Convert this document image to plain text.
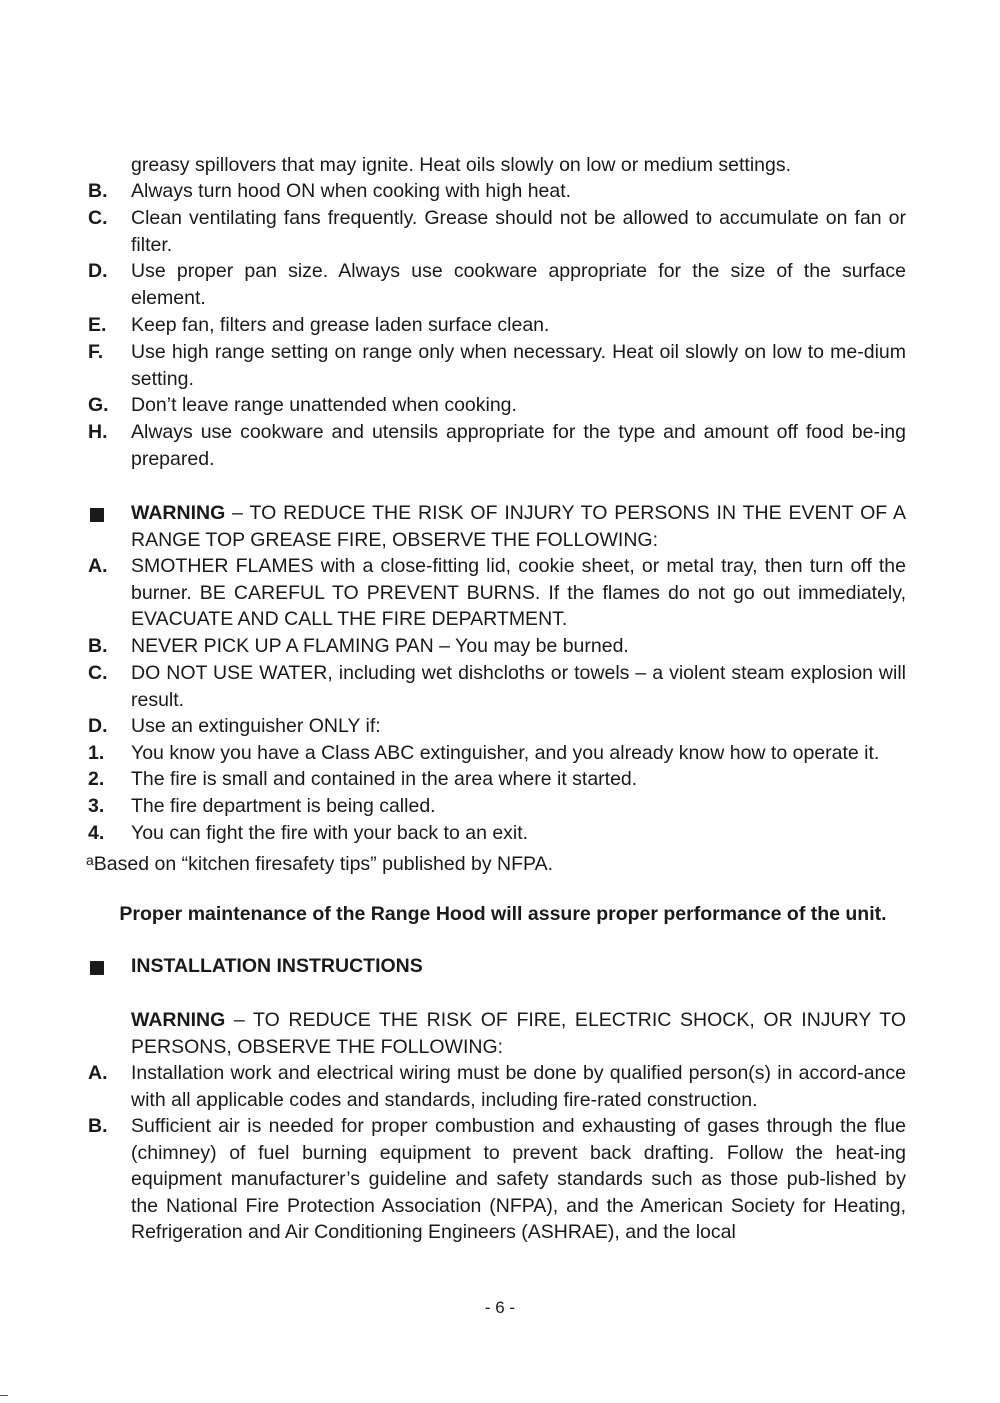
greasy spillovers that may ignite. Heat oils slowly on low or medium settings.
B. Always turn hood ON when cooking with high heat.
C. Clean ventilating fans frequently. Grease should not be allowed to accumulate on fan or filter.
D. Use proper pan size. Always use cookware appropriate for the size of the surface element.
E. Keep fan, filters and grease laden surface clean.
F. Use high range setting on range only when necessary. Heat oil slowly on low to me-dium setting.
G. Don’t leave range unattended when cooking.
H. Always use cookware and utensils appropriate for the type and amount off food be-ing prepared.
WARNING – TO REDUCE THE RISK OF INJURY TO PERSONS IN THE EVENT OF A RANGE TOP GREASE FIRE, OBSERVE THE FOLLOWING:
A. SMOTHER FLAMES with a close-fitting lid, cookie sheet, or metal tray, then turn off the burner. BE CAREFUL TO PREVENT BURNS. If the flames do not go out immediately, EVACUATE AND CALL THE FIRE DEPARTMENT.
B. NEVER PICK UP A FLAMING PAN – You may be burned.
C. DO NOT USE WATER, including wet dishcloths or towels – a violent steam explosion will result.
D. Use an extinguisher ONLY if:
1. You know you have a Class ABC extinguisher, and you already know how to operate it.
2. The fire is small and contained in the area where it started.
3. The fire department is being called.
4. You can fight the fire with your back to an exit.
$^a$Based on “kitchen firesafety tips” published by NFPA.
Proper maintenance of the Range Hood will assure proper performance of the unit.
INSTALLATION INSTRUCTIONS
WARNING – TO REDUCE THE RISK OF FIRE, ELECTRIC SHOCK, OR INJURY TO PERSONS, OBSERVE THE FOLLOWING:
A. Installation work and electrical wiring must be done by qualified person(s) in accord-ance with all applicable codes and standards, including fire-rated construction.
B. Sufficient air is needed for proper combustion and exhausting of gases through the flue (chimney) of fuel burning equipment to prevent back drafting. Follow the heat-ing equipment manufacturer’s guideline and safety standards such as those pub-lished by the National Fire Protection Association (NFPA), and the American Society for Heating, Refrigeration and Air Conditioning Engineers (ASHRAE), and the local
- 6 -
